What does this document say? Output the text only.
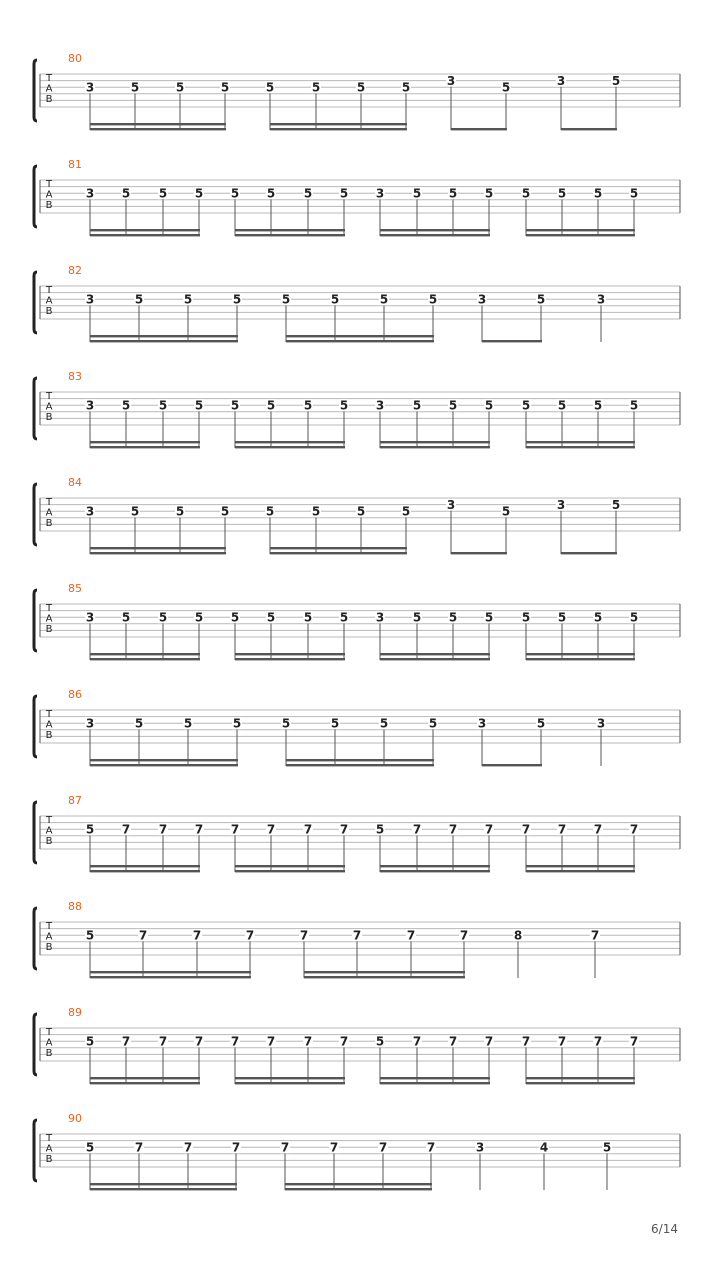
80
T
A
B
3	5	5	5	5	5	5	5	3	5	3	5
81
T
A
B
3 5 5 5 5 5 5 5 3 5 5 5 5 5 5 5
82
T
A
B
3	5	5	5	5	5	5	5	3	5	3
83
T
A
B
3 5 5 5 5 5 5 5 3 5 5 5 5 5 5 5
84
T
A
B
3	5	5	5	5	5	5	5	3	5	3	5
85
T
A
B
3 5 5 5 5 5 5 5 3 5 5 5 5 5 5 5
86
T
A
B
3	5	5	5	5	5	5	5	3	5	3
87
T
A
B
5 7 7 7 7 7 7 7 5 7 7 7 7 7 7 7
88
T
A
B
5	7	7	7	7	7	7	7	8	7
89
T
A
B
5 7 7 7 7 7 7 7 5 7 7 7 7 7 7 7
90
T
A
B
5	7	7	7	7	7	7	7	3	4	5
6/14
